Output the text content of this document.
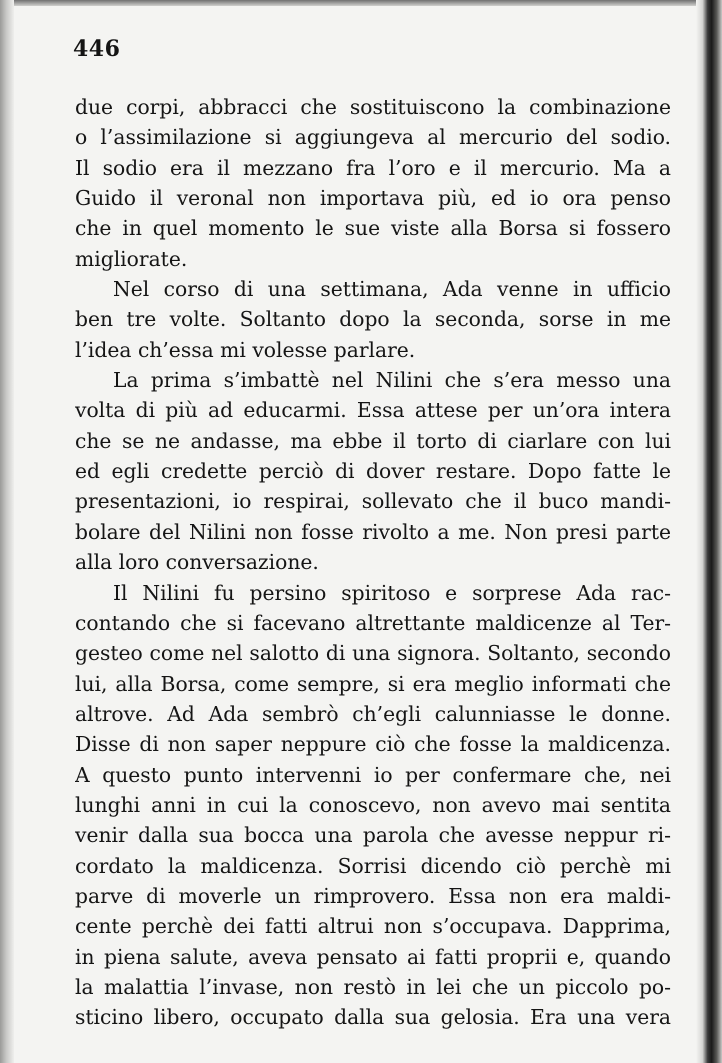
446
due corpi, abbracci che sostituiscono la combinazione
o l’assimilazione si aggiungeva al mercurio del sodio.
Il sodio era il mezzano fra l’oro e il mercurio. Ma a
Guido il veronal non importava più, ed io ora penso
che in quel momento le sue viste alla Borsa si fossero
migliorate.
Nel corso di una settimana, Ada venne in ufficio
ben tre volte. Soltanto dopo la seconda, sorse in me
l’idea ch’essa mi volesse parlare.
La prima s’imbattè nel Nilini che s’era messo una
volta di più ad educarmi. Essa attese per un’ora intera
che se ne andasse, ma ebbe il torto di ciarlare con lui
ed egli credette perciò di dover restare. Dopo fatte le
presentazioni, io respirai, sollevato che il buco mandi-
bolare del Nilini non fosse rivolto a me. Non presi parte
alla loro conversazione.
Il Nilini fu persino spiritoso e sorprese Ada rac-
contando che si facevano altrettante maldicenze al Ter-
gesteo come nel salotto di una signora. Soltanto, secondo
lui, alla Borsa, come sempre, si era meglio informati che
altrove. Ad Ada sembrò ch’egli calunniasse le donne.
Disse di non saper neppure ciò che fosse la maldicenza.
A questo punto intervenni io per confermare che, nei
lunghi anni in cui la conoscevo, non avevo mai sentita
venir dalla sua bocca una parola che avesse neppur ri-
cordato la maldicenza. Sorrisi dicendo ciò perchè mi
parve di moverle un rimprovero. Essa non era maldi-
cente perchè dei fatti altrui non s’occupava. Dapprima,
in piena salute, aveva pensato ai fatti proprii e, quando
la malattia l’invase, non restò in lei che un piccolo po-
sticino libero, occupato dalla sua gelosia. Era una vera
